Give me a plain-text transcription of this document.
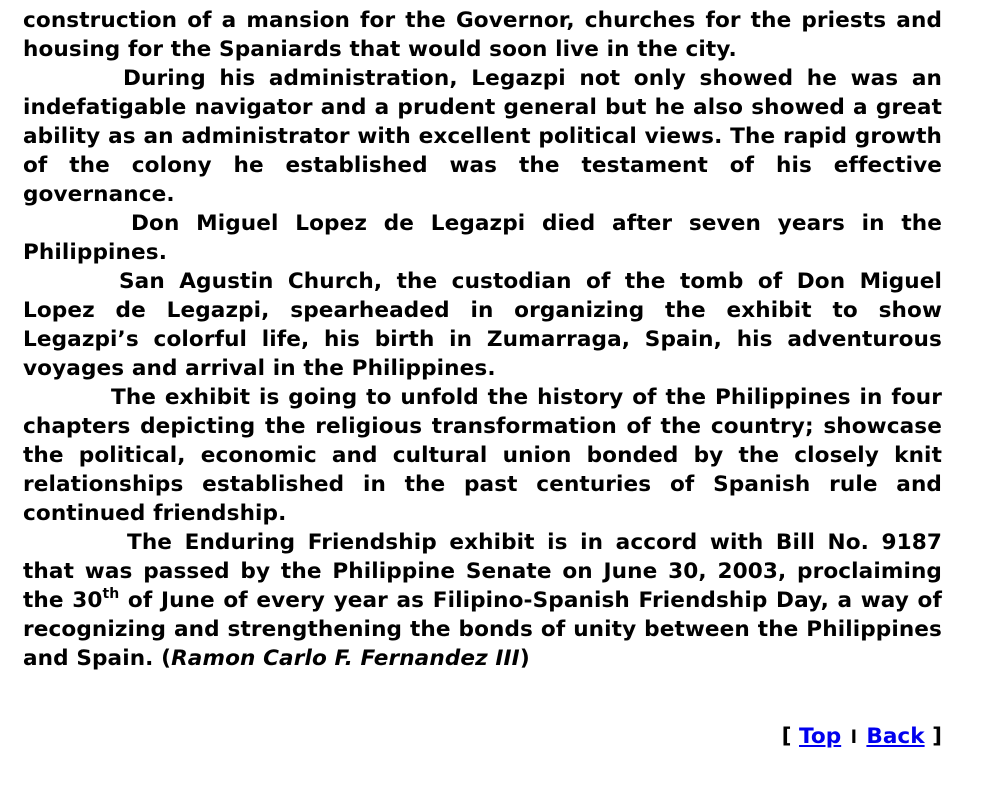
construction of a mansion for the Governor, churches for the priests and housing for the Spaniards that would soon live in the city.

During his administration, Legazpi not only showed he was an indefatigable navigator and a prudent general but he also showed a great ability as an administrator with excellent political views. The rapid growth of the colony he established was the testament of his effective governance.

Don Miguel Lopez de Legazpi died after seven years in the Philippines.

San Agustin Church, the custodian of the tomb of Don Miguel Lopez de Legazpi, spearheaded in organizing the exhibit to show Legazpi’s colorful life, his birth in Zumarraga, Spain, his adventurous voyages and arrival in the Philippines.

The exhibit is going to unfold the history of the Philippines in four chapters depicting the religious transformation of the country; showcase the political, economic and cultural union bonded by the closely knit relationships established in the past centuries of Spanish rule and continued friendship.

The Enduring Friendship exhibit is in accord with Bill No. 9187 that was passed by the Philippine Senate on June 30, 2003, proclaiming the 30th of June of every year as Filipino-Spanish Friendship Day, a way of recognizing and strengthening the bonds of unity between the Philippines and Spain. (Ramon Carlo F. Fernandez III)

[ Top l Back ]
